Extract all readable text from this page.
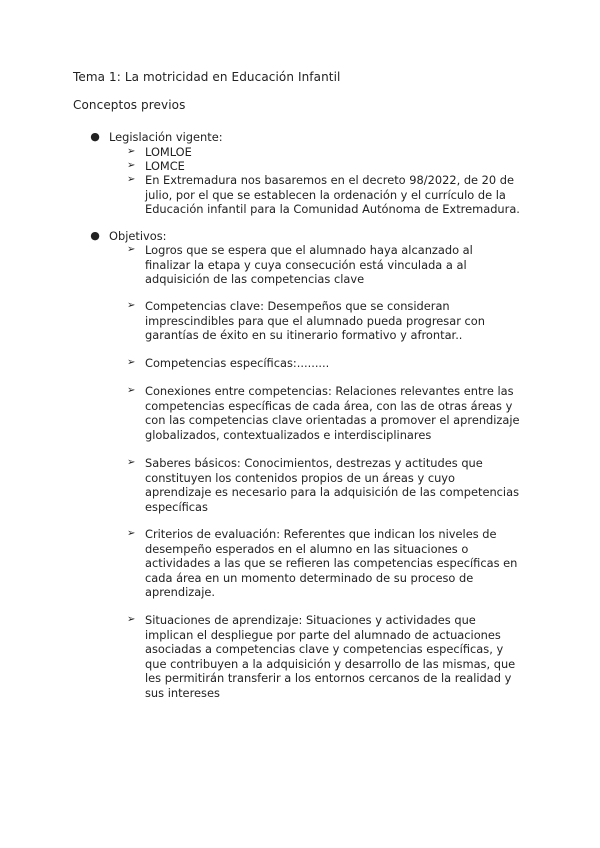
Tema 1: La motricidad en Educación Infantil
Conceptos previos
● Legislación vigente:
➢ LOMLOE
➢ LOMCE
➢ En Extremadura nos basaremos en el decreto 98/2022, de 20 de julio, por el que se establecen la ordenación y el currículo de la Educación infantil para la Comunidad Autónoma de Extremadura.
● Objetivos:
➢ Logros que se espera que el alumnado haya alcanzado al finalizar la etapa y cuya consecución está vinculada a al adquisición de las competencias clave
➢ Competencias clave: Desempeños que se consideran imprescindibles para que el alumnado pueda progresar con garantías de éxito en su itinerario formativo y afrontar..
➢ Competencias específicas:.........
➢ Conexiones entre competencias: Relaciones relevantes entre las competencias específicas de cada área, con las de otras áreas y con las competencias clave orientadas a promover el aprendizaje globalizados, contextualizados e interdisciplinares
➢ Saberes básicos: Conocimientos, destrezas y actitudes que constituyen los contenidos propios de un áreas y cuyo aprendizaje es necesario para la adquisición de las competencias específicas
➢ Criterios de evaluación: Referentes que indican los niveles de desempeño esperados en el alumno en las situaciones o actividades a las que se refieren las competencias específicas en cada área en un momento determinado de su proceso de aprendizaje.
➢ Situaciones de aprendizaje: Situaciones y actividades que implican el despliegue por parte del alumnado de actuaciones asociadas a competencias clave y competencias específicas, y que contribuyen a la adquisición y desarrollo de las mismas, que les permitirán transferir a los entornos cercanos de la realidad y sus intereses
